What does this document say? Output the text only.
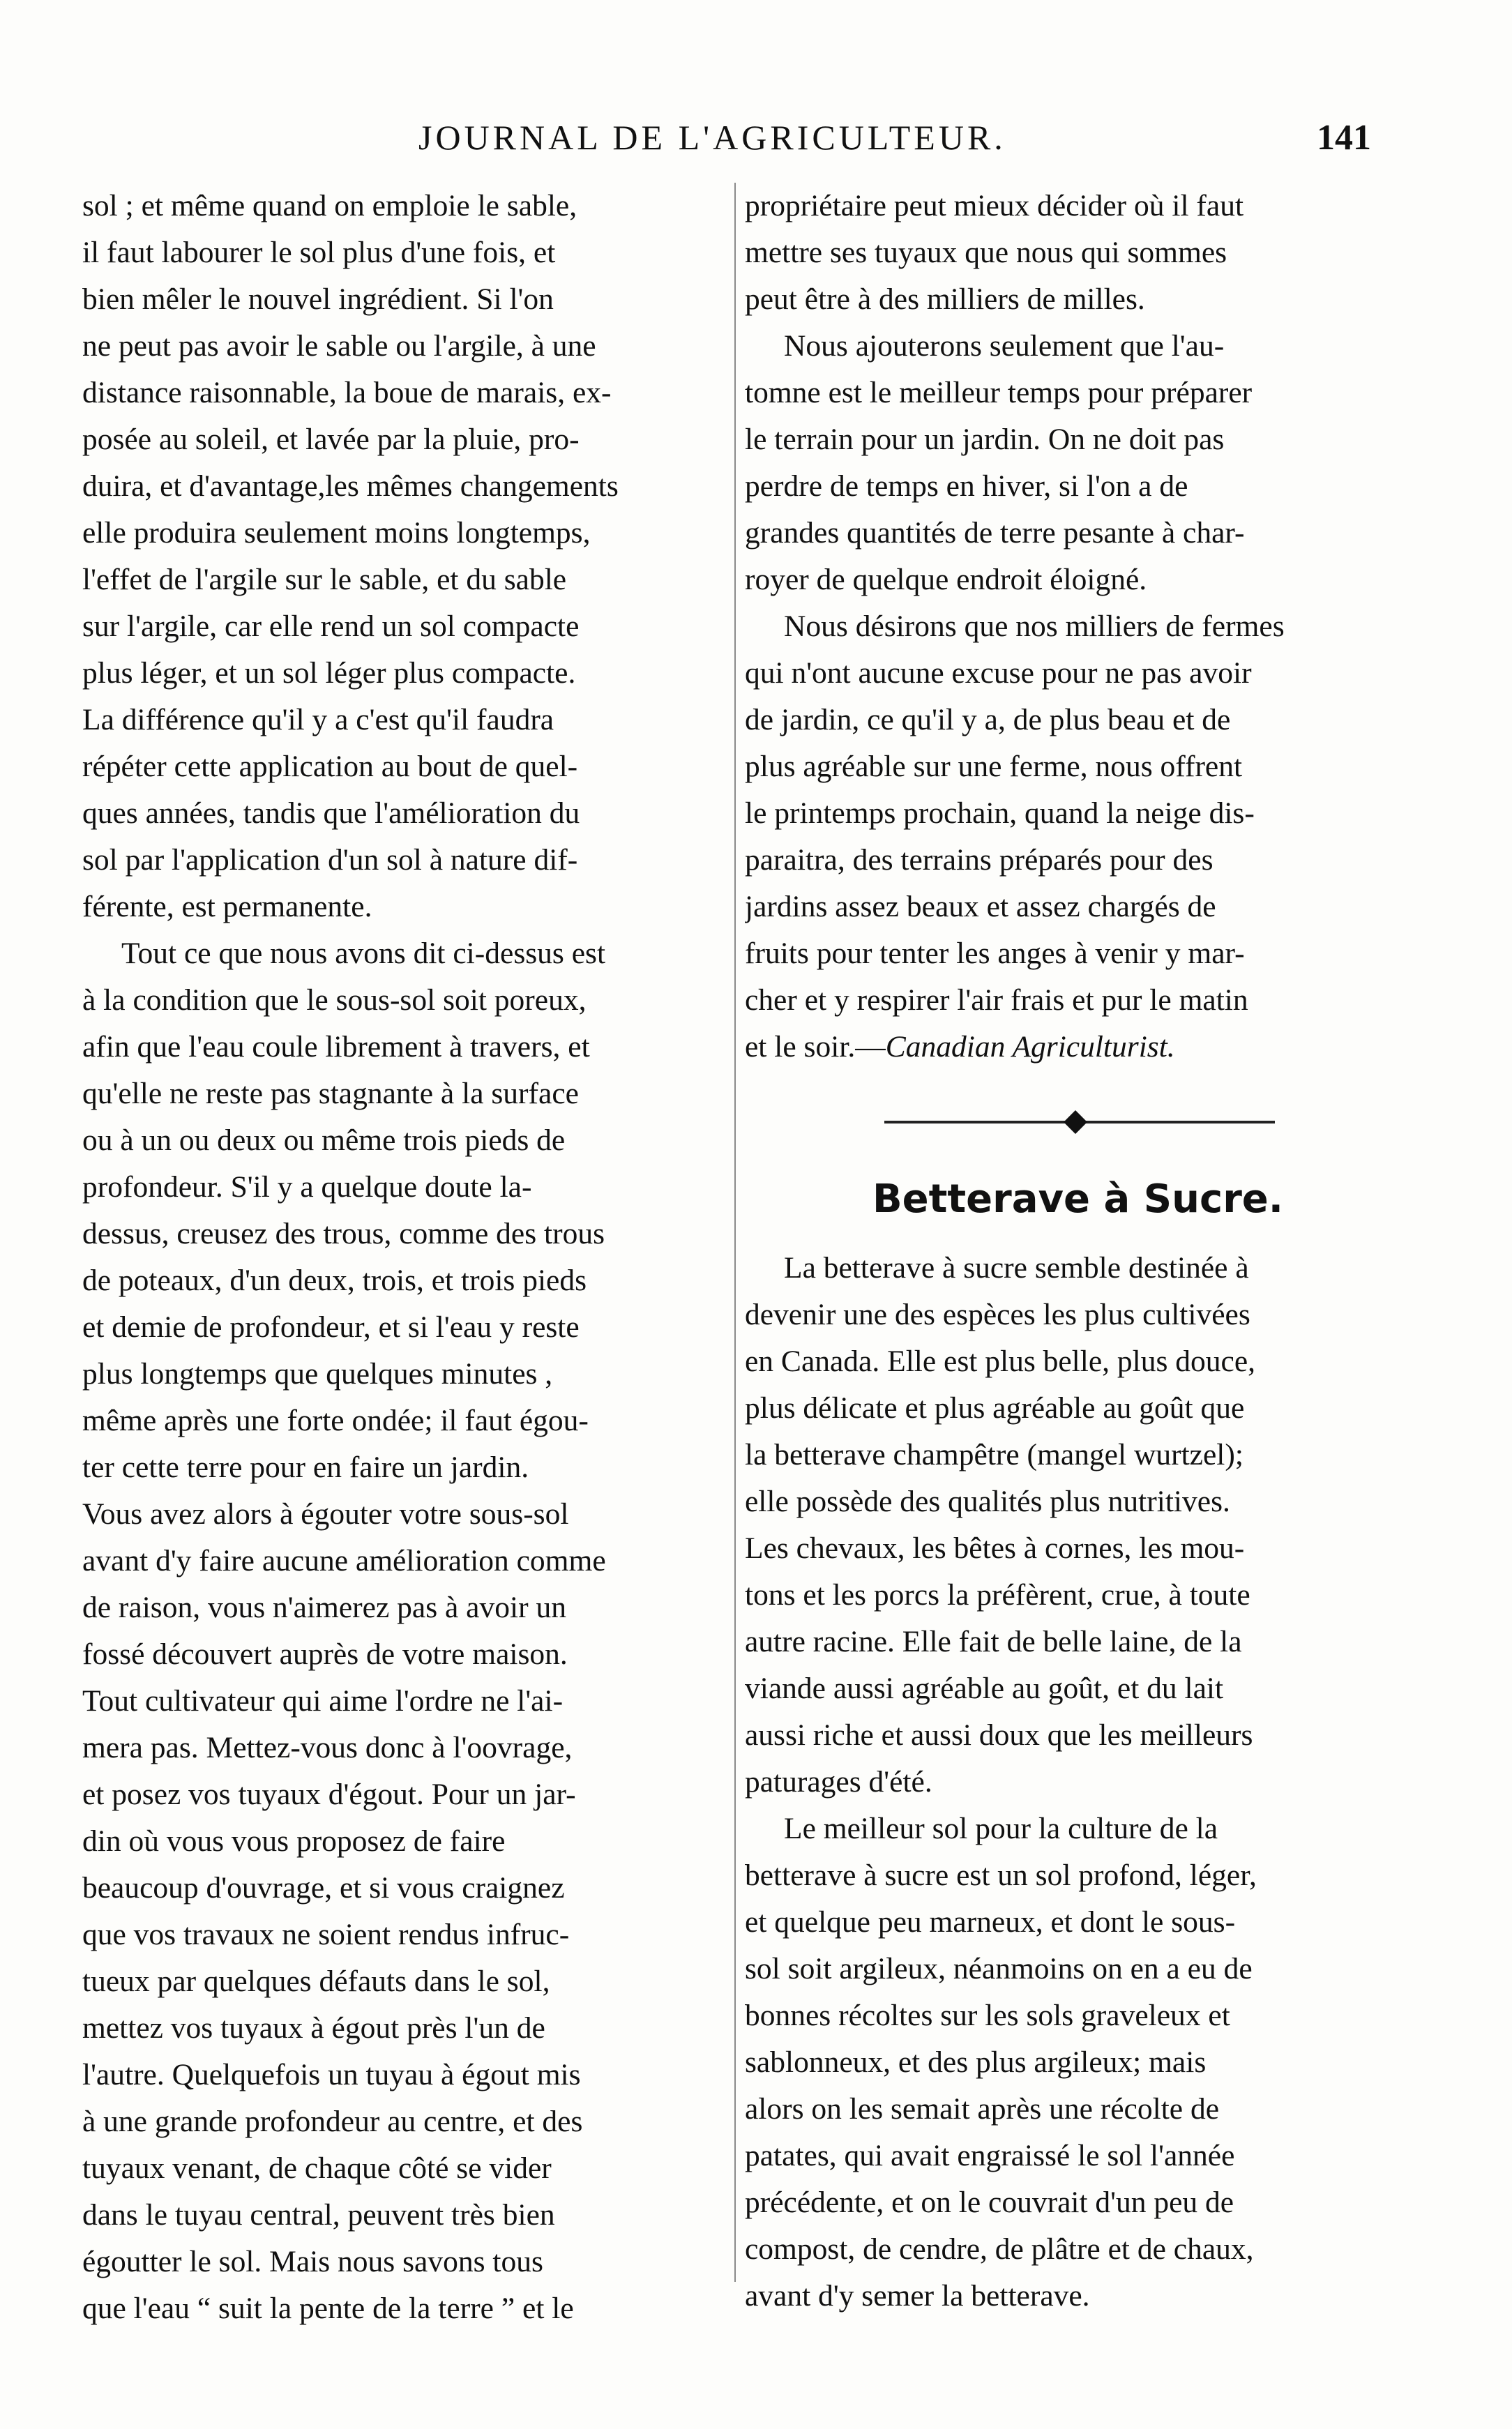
JOURNAL DE L'AGRICULTEUR.	141
sol ; et même quand on emploie le sable,
il faut labourer le sol plus d'une fois, et
bien mêler le nouvel ingrédient. Si l'on
ne peut pas avoir le sable ou l'argile, à une
distance raisonnable, la boue de marais, ex-
posée au soleil, et lavée par la pluie, pro-
duira, et d'avantage,les mêmes changements
elle produira seulement moins longtemps,
l'effet de l'argile sur le sable, et du sable
sur l'argile, car elle rend un sol compacte
plus léger, et un sol léger plus compacte.
La différence qu'il y a c'est qu'il faudra
répéter cette application au bout de quel-
ques années, tandis que l'amélioration du
sol par l'application d'un sol à nature dif-
férente, est permanente.
Tout ce que nous avons dit ci-dessus est
à la condition que le sous-sol soit poreux,
afin que l'eau coule librement à travers, et
qu'elle ne reste pas stagnante à la surface
ou à un ou deux ou même trois pieds de
profondeur. S'il y a quelque doute la-
dessus, creusez des trous, comme des trous
de poteaux, d'un deux, trois, et trois pieds
et demie de profondeur, et si l'eau y reste
plus longtemps que quelques minutes ,
même après une forte ondée; il faut égou-
ter cette terre pour en faire un jardin.
Vous avez alors à égouter votre sous-sol
avant d'y faire aucune amélioration comme
de raison, vous n'aimerez pas à avoir un
fossé découvert auprès de votre maison.
Tout cultivateur qui aime l'ordre ne l'ai-
mera pas. Mettez-vous donc à l'oovrage,
et posez vos tuyaux d'égout. Pour un jar-
din où vous vous proposez de faire
beaucoup d'ouvrage, et si vous craignez
que vos travaux ne soient rendus infruc-
tueux par quelques défauts dans le sol,
mettez vos tuyaux à égout près l'un de
l'autre. Quelquefois un tuyau à égout mis
à une grande profondeur au centre, et des
tuyaux venant, de chaque côté se vider
dans le tuyau central, peuvent très bien
égoutter le sol. Mais nous savons tous
que l'eau “ suit la pente de la terre ” et le
propriétaire peut mieux décider où il faut
mettre ses tuyaux que nous qui sommes
peut être à des milliers de milles.
Nous ajouterons seulement que l'au-
tomne est le meilleur temps pour préparer
le terrain pour un jardin. On ne doit pas
perdre de temps en hiver, si l'on a de
grandes quantités de terre pesante à char-
royer de quelque endroit éloigné.
Nous désirons que nos milliers de fermes
qui n'ont aucune excuse pour ne pas avoir
de jardin, ce qu'il y a, de plus beau et de
plus agréable sur une ferme, nous offrent
le printemps prochain, quand la neige dis-
paraitra, des terrains préparés pour des
jardins assez beaux et assez chargés de
fruits pour tenter les anges à venir y mar-
cher et y respirer l'air frais et pur le matin
et le soir.—Canadian Agriculturist.
Betterave à Sucre.
La betterave à sucre semble destinée à
devenir une des espèces les plus cultivées
en Canada. Elle est plus belle, plus douce,
plus délicate et plus agréable au goût que
la betterave champêtre (mangel wurtzel);
elle possède des qualités plus nutritives.
Les chevaux, les bêtes à cornes, les mou-
tons et les porcs la préfèrent, crue, à toute
autre racine. Elle fait de belle laine, de la
viande aussi agréable au goût, et du lait
aussi riche et aussi doux que les meilleurs
paturages d'été.
Le meilleur sol pour la culture de la
betterave à sucre est un sol profond, léger,
et quelque peu marneux, et dont le sous-
sol soit argileux, néanmoins on en a eu de
bonnes récoltes sur les sols graveleux et
sablonneux, et des plus argileux; mais
alors on les semait après une récolte de
patates, qui avait engraissé le sol l'année
précédente, et on le couvrait d'un peu de
compost, de cendre, de plâtre et de chaux,
avant d'y semer la betterave.
